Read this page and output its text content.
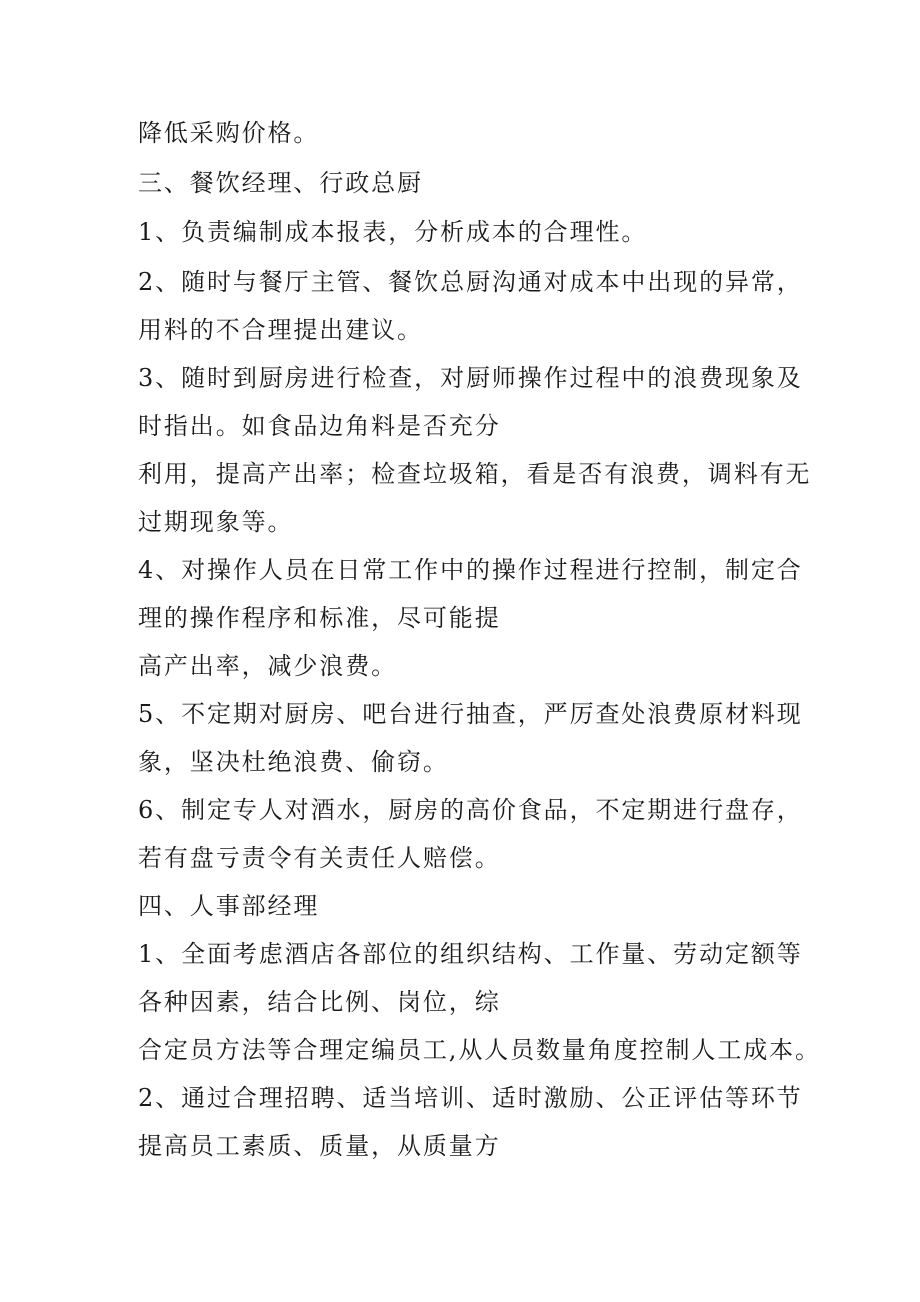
降低采购价格。

三、餐饮经理、行政总厨

1、负责编制成本报表，分析成本的合理性。

2、随时与餐厅主管、餐饮总厨沟通对成本中出现的异常，

用料的不合理提出建议。

3、随时到厨房进行检查，对厨师操作过程中的浪费现象及

时指出。如食品边角料是否充分

利用，提高产出率；检查垃圾箱，看是否有浪费，调料有无

过期现象等。

4、对操作人员在日常工作中的操作过程进行控制，制定合

理的操作程序和标准，尽可能提

高产出率，减少浪费。

5、不定期对厨房、吧台进行抽查，严厉查处浪费原材料现

象，坚决杜绝浪费、偷窃。

6、制定专人对酒水，厨房的高价食品，不定期进行盘存，

若有盘亏责令有关责任人赔偿。

四、人事部经理

1、全面考虑酒店各部位的组织结构、工作量、劳动定额等

各种因素，结合比例、岗位，综

合定员方法等合理定编员工,从人员数量角度控制人工成本。

2、通过合理招聘、适当培训、适时激励、公正评估等环节

提高员工素质、质量，从质量方
